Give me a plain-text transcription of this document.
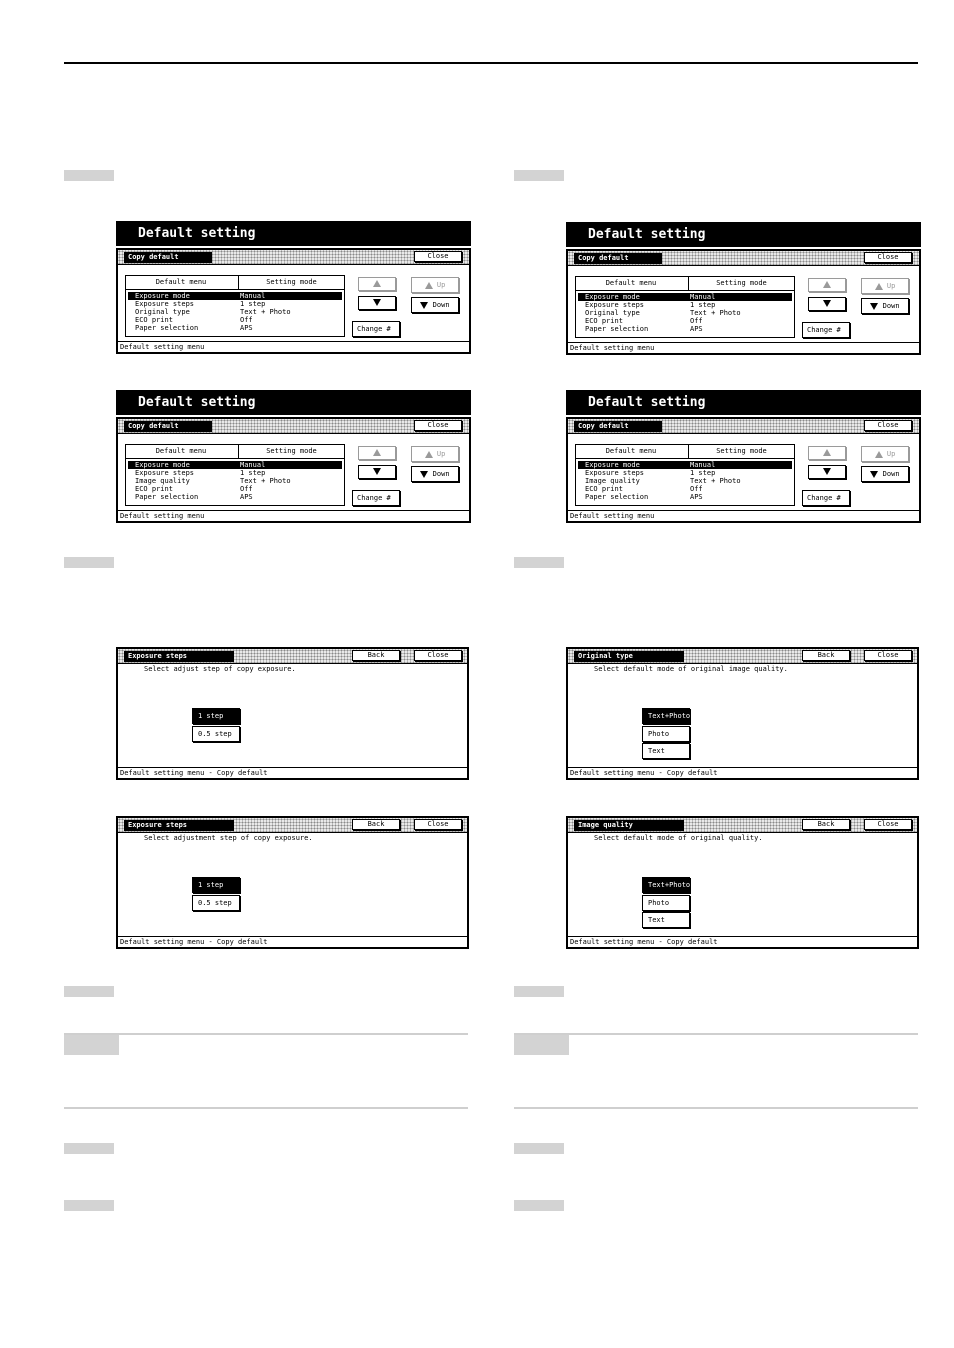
Default setting
Copy default	Close
Default menu	Setting mode
Exposure mode	Manual
Exposure steps	1 step
Original type	Text + Photo
ECO print	Off
Paper selection	APS
Up
Down
Change #
Default setting menu
Default setting
Copy default	Close
Default menu	Setting mode
Exposure mode	Manual
Exposure steps	1 step
Image quality	Text + Photo
ECO print	Off
Paper selection	APS
Up
Down
Change #
Default setting menu
Default setting
Copy default	Close
Default menu	Setting mode
Exposure mode	Manual
Exposure steps	1 step
Original type	Text + Photo
ECO print	Off
Paper selection	APS
Up
Down
Change #
Default setting menu
Default setting
Copy default	Close
Default menu	Setting mode
Exposure mode	Manual
Exposure steps	1 step
Image quality	Text + Photo
ECO print	Off
Paper selection	APS
Up
Down
Change #
Default setting menu
Exposure steps	Back	Close
Select adjust step of copy exposure.
1 step
0.5 step
Default setting menu - Copy default
Exposure steps	Back	Close
Select adjustment step of copy exposure.
1 step
0.5 step
Default setting menu - Copy default
Original type	Back	Close
Select default mode of original image quality.
Text+Photo
Photo
Text
Default setting menu - Copy default
Image quality	Back	Close
Select default mode of original quality.
Text+Photo
Photo
Text
Default setting menu - Copy default
